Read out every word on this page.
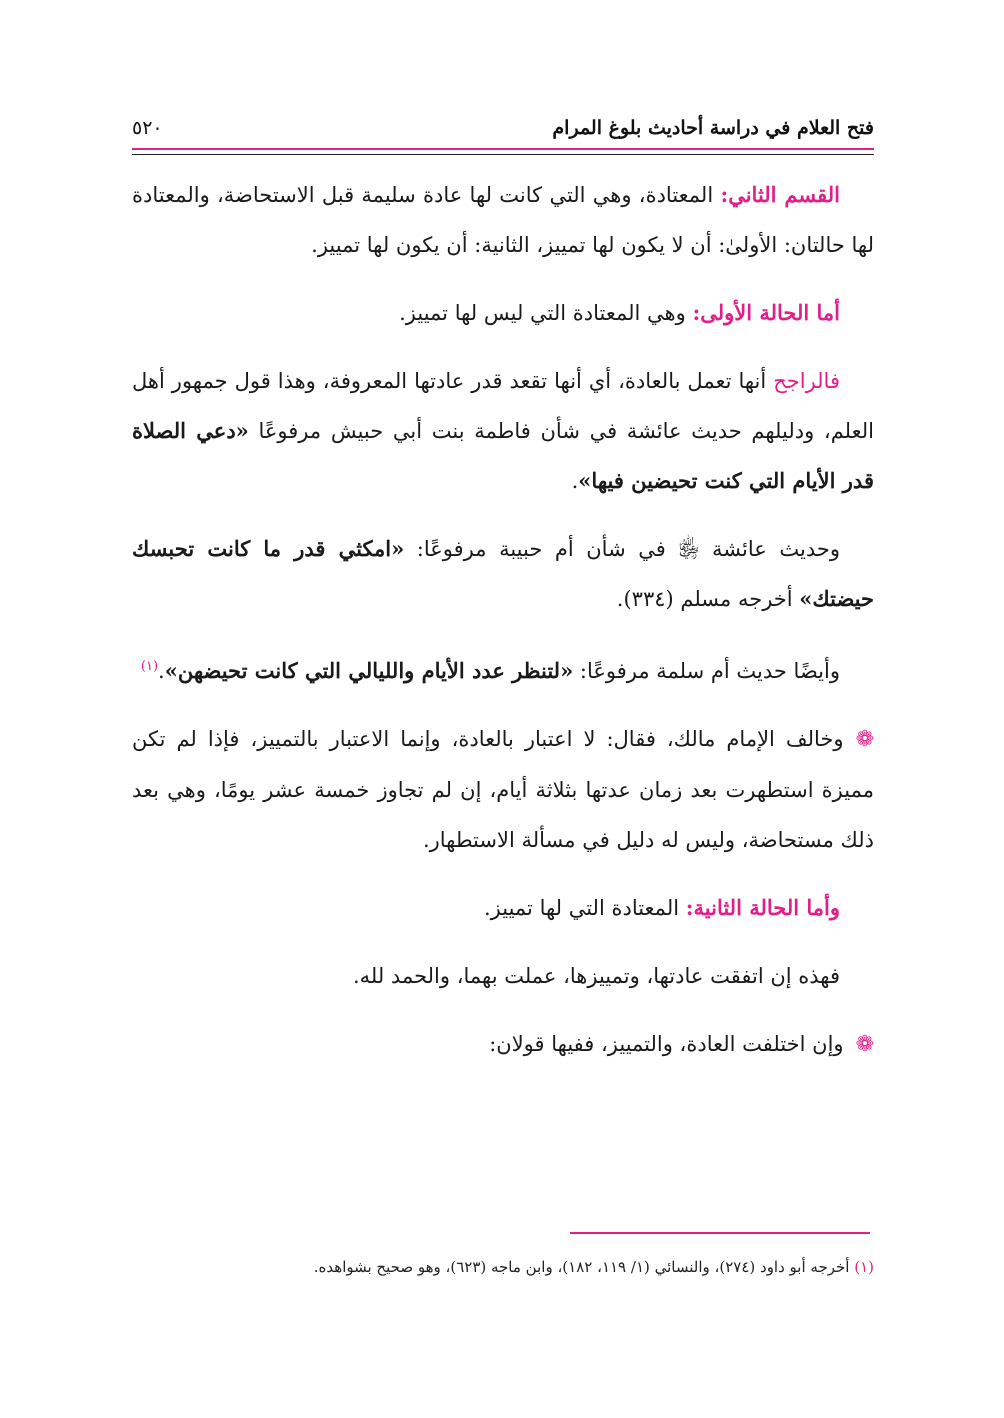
فتح العلام في دراسة أحاديث بلوغ المرام
٥٢٠

القسم الثاني: المعتادة، وهي التي كانت لها عادة سليمة قبل الاستحاضة، والمعتادة لها حالتان: الأولىٰ: أن لا يكون لها تمييز، الثانية: أن يكون لها تمييز.

أما الحالة الأولى: وهي المعتادة التي ليس لها تمييز.

فالراجح أنها تعمل بالعادة، أي أنها تقعد قدر عادتها المعروفة، وهذا قول جمهور أهل العلم، ودليلهم حديث عائشة في شأن فاطمة بنت أبي حبيش مرفوعًا «دعي الصلاة قدر الأيام التي كنت تحيضين فيها».

وحديث عائشة ﵂ في شأن أم حبيبة مرفوعًا: «امكثي قدر ما كانت تحبسك حيضتك» أخرجه مسلم (٣٣٤).

وأيضًا حديث أم سلمة مرفوعًا: «لتنظر عدد الأيام والليالي التي كانت تحيضهن».$^{(١)}$

❁وخالف الإمام مالك، فقال: لا اعتبار بالعادة، وإنما الاعتبار بالتمييز، فإذا لم تكن مميزة استطهرت بعد زمان عدتها بثلاثة أيام، إن لم تجاوز خمسة عشر يومًا، وهي بعد ذلك مستحاضة، وليس له دليل في مسألة الاستطهار.

وأما الحالة الثانية: المعتادة التي لها تمييز.

فهذه إن اتفقت عادتها، وتمييزها، عملت بهما، والحمد لله.

❁وإن اختلفت العادة، والتمييز، ففيها قولان:

(١) أخرجه أبو داود (٢٧٤)، والنسائي (١/ ١١٩، ١٨٢)، وابن ماجه (٦٢٣)، وهو صحيح بشواهده.
